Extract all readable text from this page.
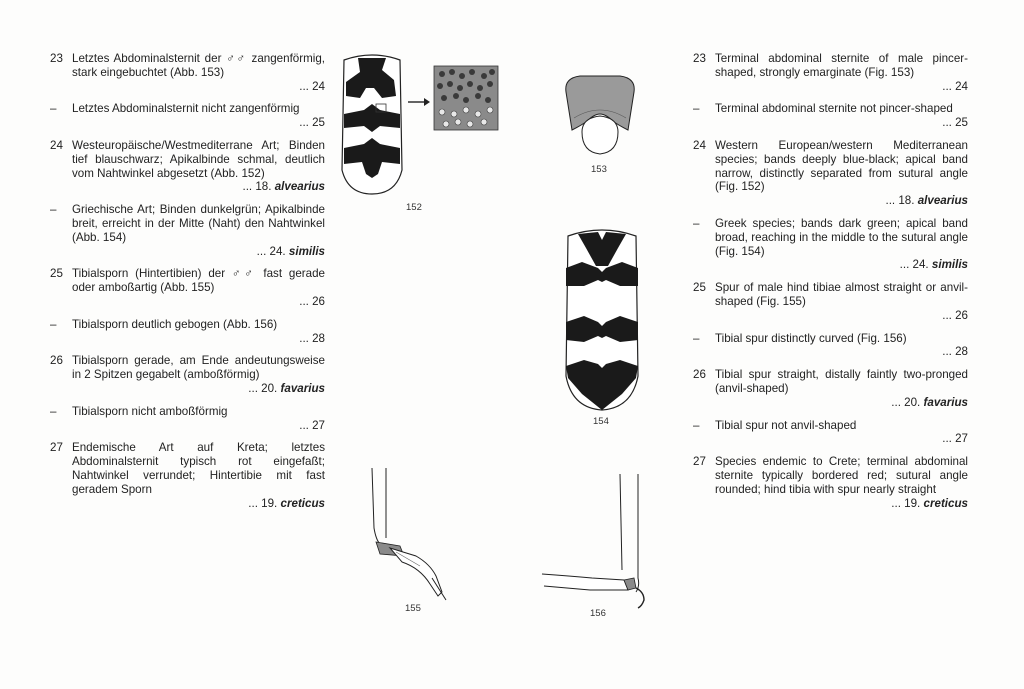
23 Letztes Abdominalsternit der ♂♂ zangenförmig, stark eingebuchtet (Abb. 153)
... 24
– Letztes Abdominalsternit nicht zangenförmig
... 25
24 Westeuropäische/Westmediterrane Art; Binden tief blauschwarz; Apikalbinde schmal, deutlich vom Nahtwinkel abgesetzt (Abb. 152)
... 18. alvearius
– Griechische Art; Binden dunkelgrün; Apikalbinde breit, erreicht in der Mitte (Naht) den Nahtwinkel (Abb. 154)
... 24. similis
25 Tibialsporn (Hintertibien) der ♂♂ fast gerade oder amboßartig (Abb. 155)
... 26
– Tibialsporn deutlich gebogen (Abb. 156)
... 28
26 Tibialsporn gerade, am Ende andeutungsweise in 2 Spitzen gegabelt (amboßförmig)
... 20. favarius
– Tibialsporn nicht amboßförmig
... 27
27 Endemische Art auf Kreta; letztes Abdominalsternit typisch rot eingefaßt; Nahtwinkel verrundet; Hintertibie mit fast geradem Sporn
... 19. creticus
23 Terminal abdominal sternite of male pincer-shaped, strongly emarginate (Fig. 153)
... 24
– Terminal abdominal sternite not pincer-shaped
... 25
24 Western European/western Mediterranean species; bands deeply blue-black; apical band narrow, distinctly separated from sutural angle (Fig. 152)
... 18. alvearius
– Greek species; bands dark green; apical band broad, reaching in the middle to the sutural angle (Fig. 154)
... 24. similis
25 Spur of male hind tibiae almost straight or anvil-shaped (Fig. 155)
... 26
– Tibial spur distinctly curved (Fig. 156)
... 28
26 Tibial spur straight, distally faintly two-pronged (anvil-shaped)
... 20. favarius
– Tibial spur not anvil-shaped
... 27
27 Species endemic to Crete; terminal abdominal sternite typically bordered red; sutural angle rounded; hind tibia with spur nearly straight
... 19. creticus
152
153
154
155	156
